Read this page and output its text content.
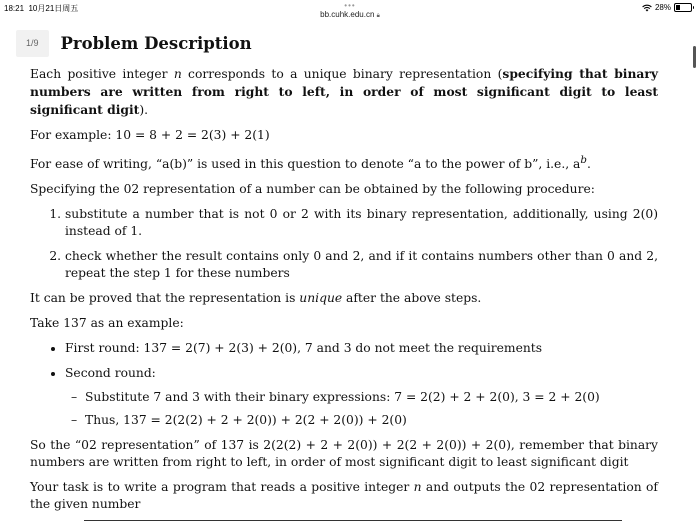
18:21 10月21日周五	•••
bb.cuhk.edu.cn 🔒︎
28%
1/9	Problem Description

Each positive integer n corresponds to a unique binary representation (specifying that binary numbers are written from right to left, in order of most significant digit to least significant digit).

For example: 10 = 8 + 2 = 2(3) + 2(1)

For ease of writing, “a(b)” is used in this question to denote “a to the power of b”, i.e., $a^b$.

Specifying the 02 representation of a number can be obtained by the following procedure:

1. substitute a number that is not 0 or 2 with its binary representation, additionally, using 2(0) instead of 1.
2. check whether the result contains only 0 and 2, and if it contains numbers other than 0 and 2, repeat the step 1 for these numbers

It can be proved that the representation is unique after the above steps.

Take 137 as an example:

• First round: 137 = 2(7) + 2(3) + 2(0), 7 and 3 do not meet the requirements
• Second round:
– Substitute 7 and 3 with their binary expressions: 7 = 2(2) + 2 + 2(0), 3 = 2 + 2(0)
– Thus, 137 = 2(2(2) + 2 + 2(0)) + 2(2 + 2(0)) + 2(0)

So the “02 representation” of 137 is 2(2(2) + 2 + 2(0)) + 2(2 + 2(0)) + 2(0), remember that binary numbers are written from right to left, in order of most significant digit to least significant digit

Your task is to write a program that reads a positive integer n and outputs the 02 representation of the given number
